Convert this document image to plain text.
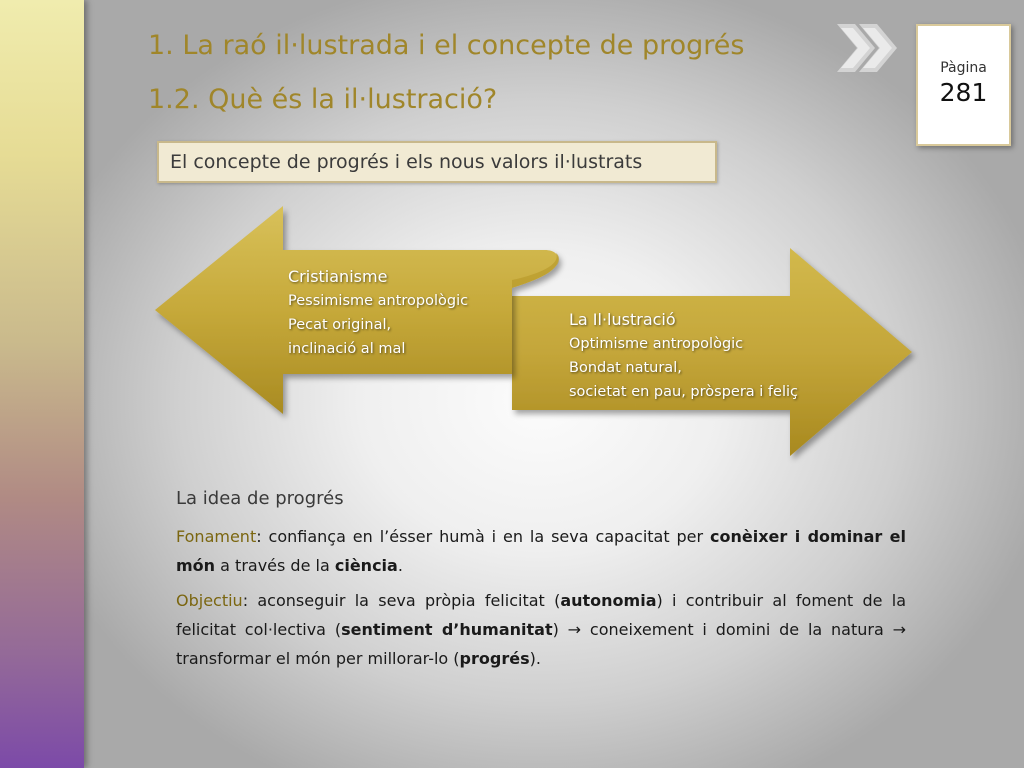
1. La raó il·lustrada i el concepte de progrés
1.2. Què és la il·lustració?
Pàgina
281
El concepte de progrés i els nous valors il·lustrats
Cristianisme
Pessimisme antropològic
Pecat original,
inclinació al mal
La Il·lustració
Optimisme antropològic
Bondat natural,
societat en pau, pròspera i feliç
La idea de progrés
Fonament: confiança en l’ésser humà i en la seva capacitat per conèixer i dominar el món a través de la ciència.
Objectiu: aconseguir la seva pròpia felicitat (autonomia) i contribuir al foment de la felicitat col·lectiva (sentiment d’humanitat) → coneixement i domini de la natura → transformar el món per millorar-lo (progrés).
